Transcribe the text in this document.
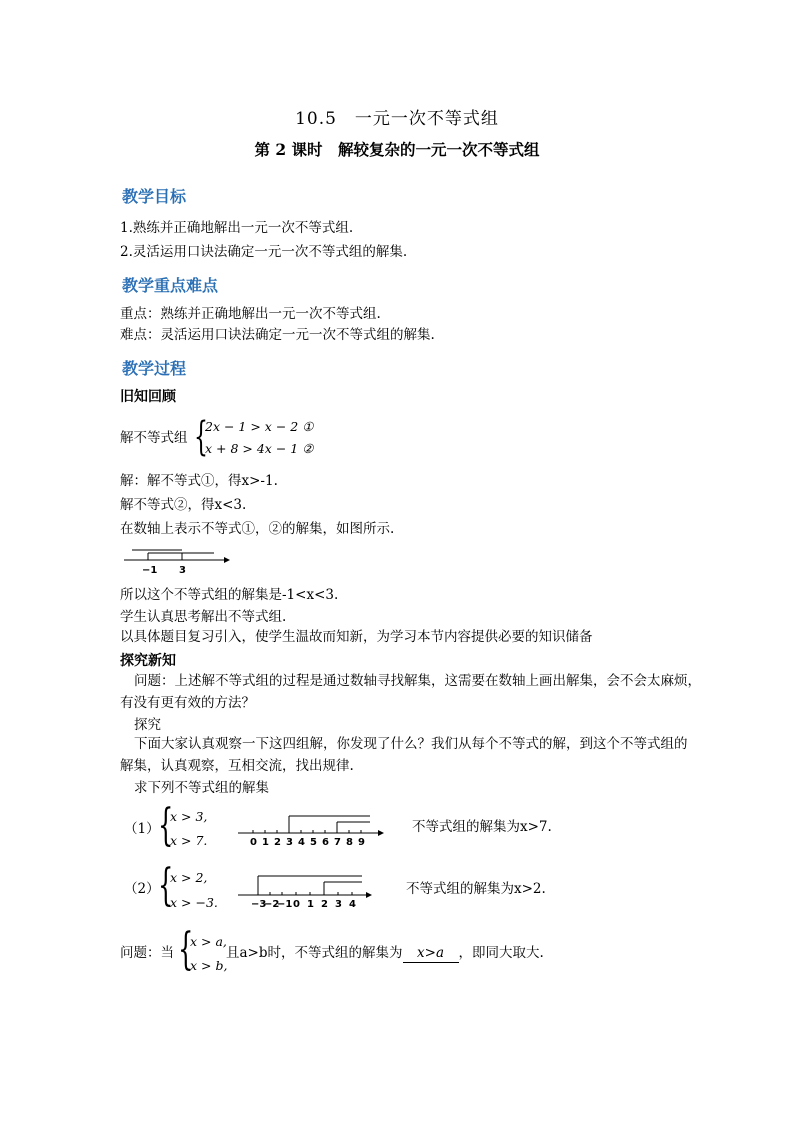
10.5　一元一次不等式组
第 2 课时　解较复杂的一元一次不等式组
教学目标
1.熟练并正确地解出一元一次不等式组.
2.灵活运用口诀法确定一元一次不等式组的解集.
教学重点难点
重点：熟练并正确地解出一元一次不等式组.
难点：灵活运用口诀法确定一元一次不等式组的解集.
教学过程
旧知回顾
解不等式组 {
2x − 1 > x − 2 ①
x + 8 > 4x − 1 ②
解：解不等式①，得x>-1.
解不等式②，得x<3.
在数轴上表示不等式①，②的解集，如图所示.
−1 3
所以这个不等式组的解集是-1<x<3.
学生认真思考解出不等式组.
以具体题目复习引入，使学生温故而知新，为学习本节内容提供必要的知识储备
探究新知
问题：上述解不等式组的过程是通过数轴寻找解集，这需要在数轴上画出解集，会不会太麻烦，
有没有更有效的方法？
探究
下面大家认真观察一下这四组解，你发现了什么？我们从每个不等式的解，到这个不等式组的
解集，认真观察，互相交流，找出规律.
求下列不等式组的解集
（1）
{
x > 3,
x > 7.	0 1 2 3 4 5 6 7 8 9
不等式组的解集为x>7.
（2）
{
x > 2,
x > −3.	−3
−2
−1 0 1 2 3 4
不等式组的解集为x>2.
问题：当 {
x > a,
x > b,
且a>b时，不等式组的解集为 x>a ，即同大取大.
